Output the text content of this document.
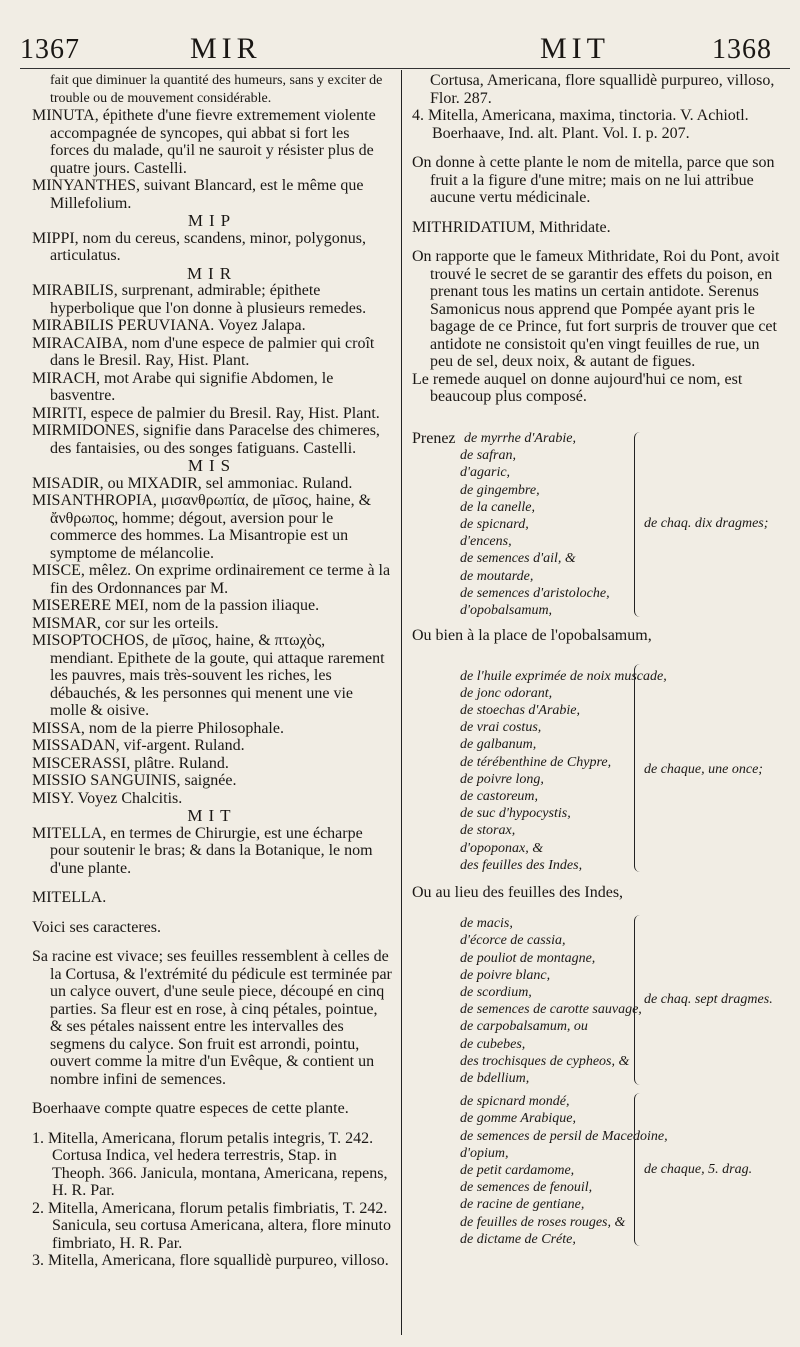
1367	MIR	MIT	1368

fait que diminuer la quantité des humeurs, sans y exciter de trouble ou de mouvement considérable.

MINUTA, épithete d'une fievre extremement violente accompagnée de syncopes, qui abbat si fort les forces du malade, qu'il ne sauroit y résister plus de quatre jours. Castelli.

MINYANTHES, suivant Blancard, est le même que Millefolium.

MIP

MIPPI, nom du cereus, scandens, minor, polygonus, articulatus.

MIR

MIRABILIS, surprenant, admirable; épithete hyperbolique que l'on donne à plusieurs remedes.

MIRABILIS PERUVIANA. Voyez Jalapa.

MIRACAIBA, nom d'une espece de palmier qui croît dans le Bresil. Ray, Hist. Plant.

MIRACH, mot Arabe qui signifie Abdomen, le basventre.

MIRITI, espece de palmier du Bresil. Ray, Hist. Plant.

MIRMIDONES, signifie dans Paracelse des chimeres, des fantaisies, ou des songes fatiguans. Castelli.

MIS

MISADIR, ou MIXADIR, sel ammoniac. Ruland.

MISANTHROPIA, μισανθρωπία, de μῖσος, haine, & ἄνθρωπος, homme; dégout, aversion pour le commerce des hommes. La Misantropie est un symptome de mélancolie.

MISCE, mêlez. On exprime ordinairement ce terme à la fin des Ordonnances par M.

MISERERE MEI, nom de la passion iliaque.

MISMAR, cor sur les orteils.

MISOPTOCHOS, de μῖσος, haine, & πτωχὸς, mendiant. Epithete de la goute, qui attaque rarement les pauvres, mais très-souvent les riches, les débauchés, & les personnes qui menent une vie molle & oisive.

MISSA, nom de la pierre Philosophale.

MISSADAN, vif-argent. Ruland.

MISCERASSI, plâtre. Ruland.

MISSIO SANGUINIS, saignée.

MISY. Voyez Chalcitis.

MIT

MITELLA, en termes de Chirurgie, est une écharpe pour soutenir le bras; & dans la Botanique, le nom d'une plante.

MITELLA.

Voici ses caracteres.

Sa racine est vivace; ses feuilles ressemblent à celles de la Cortusa, & l'extrémité du pédicule est terminée par un calyce ouvert, d'une seule piece, découpé en cinq parties. Sa fleur est en rose, à cinq pétales, pointue, & ses pétales naissent entre les intervalles des segmens du calyce. Son fruit est arrondi, pointu, ouvert comme la mitre d'un Evêque, & contient un nombre infini de semences.

Boerhaave compte quatre especes de cette plante.

1. Mitella, Americana, florum petalis integris, T. 242. Cortusa Indica, vel hedera terrestris, Stap. in Theoph. 366. Janicula, montana, Americana, repens, H. R. Par.

2. Mitella, Americana, florum petalis fimbriatis, T. 242. Sanicula, seu cortusa Americana, altera, flore minuto fimbriato, H. R. Par.

3. Mitella, Americana, flore squallidè purpureo, villoso.

Cortusa, Americana, flore squallidè purpureo, villoso, Flor. 287.

4. Mitella, Americana, maxima, tinctoria. V. Achiotl. Boerhaave, Ind. alt. Plant. Vol. I. p. 207.

On donne à cette plante le nom de mitella, parce que son fruit a la figure d'une mitre; mais on ne lui attribue aucune vertu médicinale.

MITHRIDATIUM, Mithridate.

On rapporte que le fameux Mithridate, Roi du Pont, avoit trouvé le secret de se garantir des effets du poison, en prenant tous les matins un certain antidote. Serenus Samonicus nous apprend que Pompée ayant pris le bagage de ce Prince, fut fort surpris de trouver que cet antidote ne consistoit qu'en vingt feuilles de rue, un peu de sel, deux noix, & autant de figues.

Le remede auquel on donne aujourd'hui ce nom, est beaucoup plus composé.

Prenez de myrrhe d'Arabie,
de safran,
d'agaric,
de gingembre,
de la canelle,
de spicnard,
d'encens,
de semences d'ail, &
de moutarde,
de semences d'aristoloche,
d'opobalsamum,
de chaq. dix dragmes;
Ou bien à la place de l'opobalsamum,
de l'huile exprimée de noix muscade,
de jonc odorant,
de stoechas d'Arabie,
de vrai costus,
de galbanum,
de térébenthine de Chypre,
de poivre long,
de castoreum,
de suc d'hypocystis,
de storax,
d'opoponax, &
des feuilles des Indes,
de chaque, une once;
Ou au lieu des feuilles des Indes,
de macis,
d'écorce de cassia,
de pouliot de montagne,
de poivre blanc,
de scordium,
de semences de carotte sauvage,
de carpobalsamum, ou
de cubebes,
des trochisques de cypheos, &
de bdellium,
de chaq. sept dragmes.
de spicnard mondé,
de gomme Arabique,
de semences de persil de Macedoine,
d'opium,
de petit cardamome,
de semences de fenouil,
de racine de gentiane,
de feuilles de roses rouges, &
de dictame de Créte,
de chaque, 5. drag.
